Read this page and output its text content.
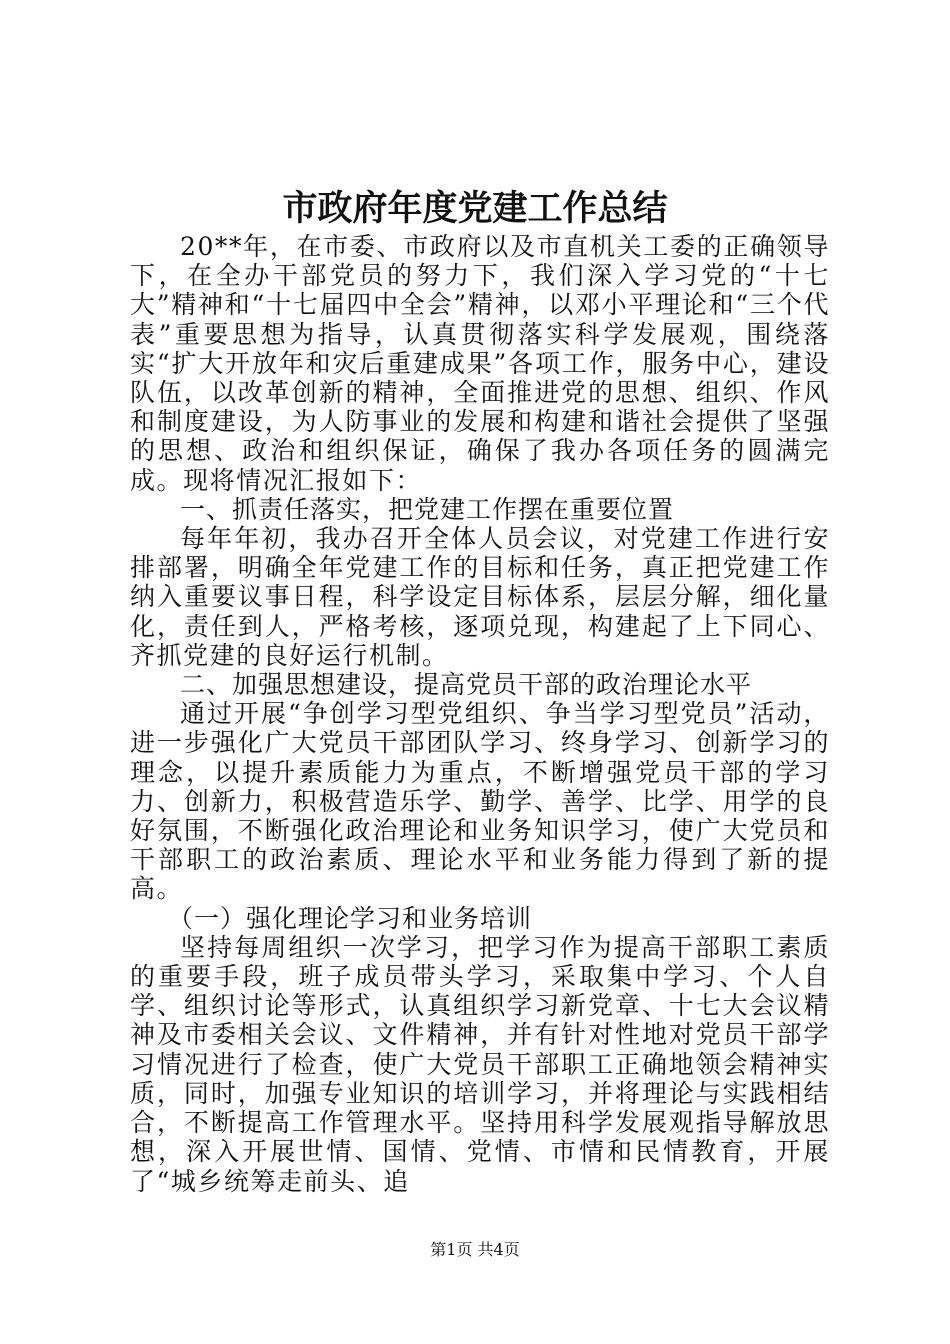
市政府年度党建工作总结

20**年，在市委、市政府以及市直机关工委的正确领导下，在全办干部党员的努力下，我们深入学习党的“十七大”精神和“十七届四中全会”精神，以邓小平理论和“三个代表”重要思想为指导，认真贯彻落实科学发展观，围绕落实“扩大开放年和灾后重建成果”各项工作，服务中心，建设队伍，以改革创新的精神，全面推进党的思想、组织、作风和制度建设，为人防事业的发展和构建和谐社会提供了坚强的思想、政治和组织保证，确保了我办各项任务的圆满完成。现将情况汇报如下：

一、抓责任落实，把党建工作摆在重要位置

每年年初，我办召开全体人员会议，对党建工作进行安排部署，明确全年党建工作的目标和任务，真正把党建工作纳入重要议事日程，科学设定目标体系，层层分解，细化量化，责任到人，严格考核，逐项兑现，构建起了上下同心、齐抓党建的良好运行机制。

二、加强思想建设，提高党员干部的政治理论水平

通过开展“争创学习型党组织、争当学习型党员”活动，进一步强化广大党员干部团队学习、终身学习、创新学习的理念，以提升素质能力为重点，不断增强党员干部的学习力、创新力，积极营造乐学、勤学、善学、比学、用学的良好氛围，不断强化政治理论和业务知识学习，使广大党员和干部职工的政治素质、理论水平和业务能力得到了新的提高。

（一）强化理论学习和业务培训

坚持每周组织一次学习，把学习作为提高干部职工素质的重要手段，班子成员带头学习，采取集中学习、个人自学、组织讨论等形式，认真组织学习新党章、十七大会议精神及市委相关会议、文件精神，并有针对性地对党员干部学习情况进行了检查，使广大党员干部职工正确地领会精神实质，同时，加强专业知识的培训学习，并将理论与实践相结合，不断提高工作管理水平。坚持用科学发展观指导解放思想，深入开展世情、国情、党情、市情和民情教育，开展了“城乡统筹走前头、追

第1页 共4页
